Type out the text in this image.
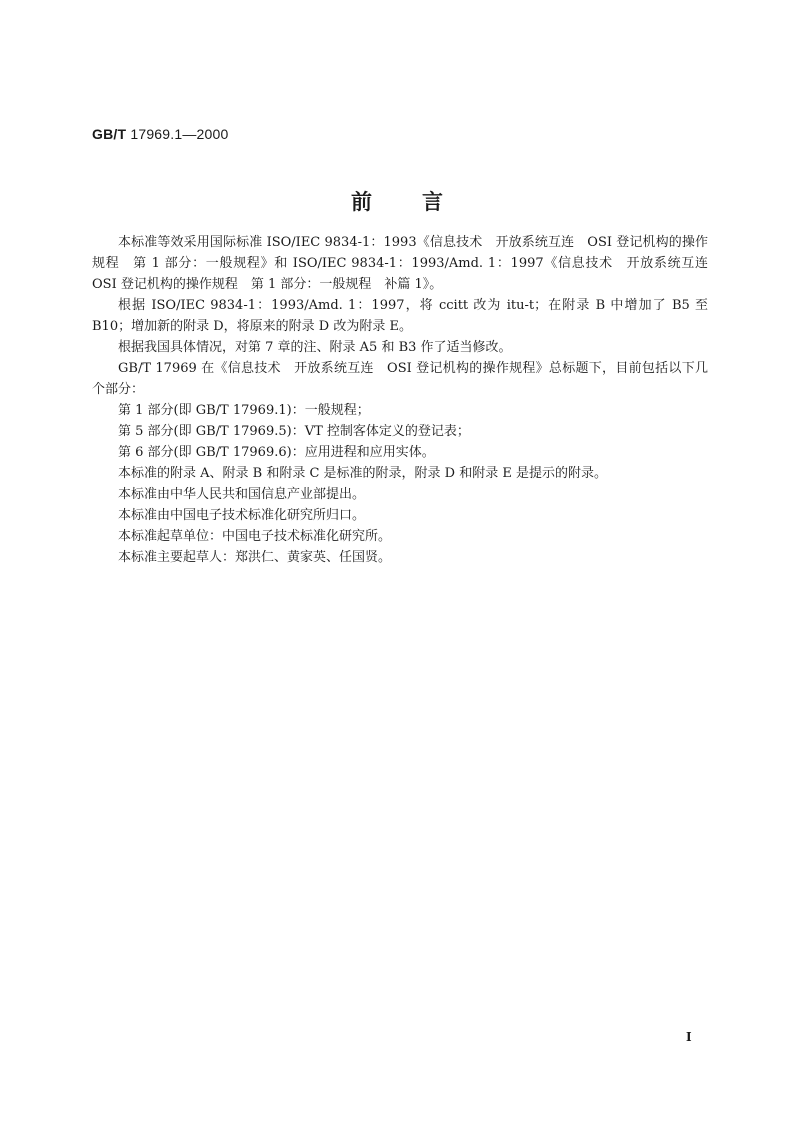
GB/T 17969.1—2000
前言

本标准等效采用国际标准 ISO/IEC 9834-1：1993《信息技术　开放系统互连　OSI 登记机构的操作规程　第 1 部分：一般规程》和 ISO/IEC 9834-1：1993/Amd. 1：1997《信息技术　开放系统互连　OSI 登记机构的操作规程　第 1 部分：一般规程　补篇 1》。

根据 ISO/IEC 9834-1：1993/Amd. 1：1997，将 ccitt 改为 itu-t；在附录 B 中增加了 B5 至 B10；增加新的附录 D，将原来的附录 D 改为附录 E。

根据我国具体情况，对第 7 章的注、附录 A5 和 B3 作了适当修改。

GB/T 17969 在《信息技术　开放系统互连　OSI 登记机构的操作规程》总标题下，目前包括以下几个部分：

第 1 部分(即 GB/T 17969.1)：一般规程；

第 5 部分(即 GB/T 17969.5)：VT 控制客体定义的登记表；

第 6 部分(即 GB/T 17969.6)：应用进程和应用实体。

本标准的附录 A、附录 B 和附录 C 是标准的附录，附录 D 和附录 E 是提示的附录。

本标准由中华人民共和国信息产业部提出。

本标准由中国电子技术标准化研究所归口。

本标准起草单位：中国电子技术标准化研究所。

本标准主要起草人：郑洪仁、黄家英、任国贤。

I
